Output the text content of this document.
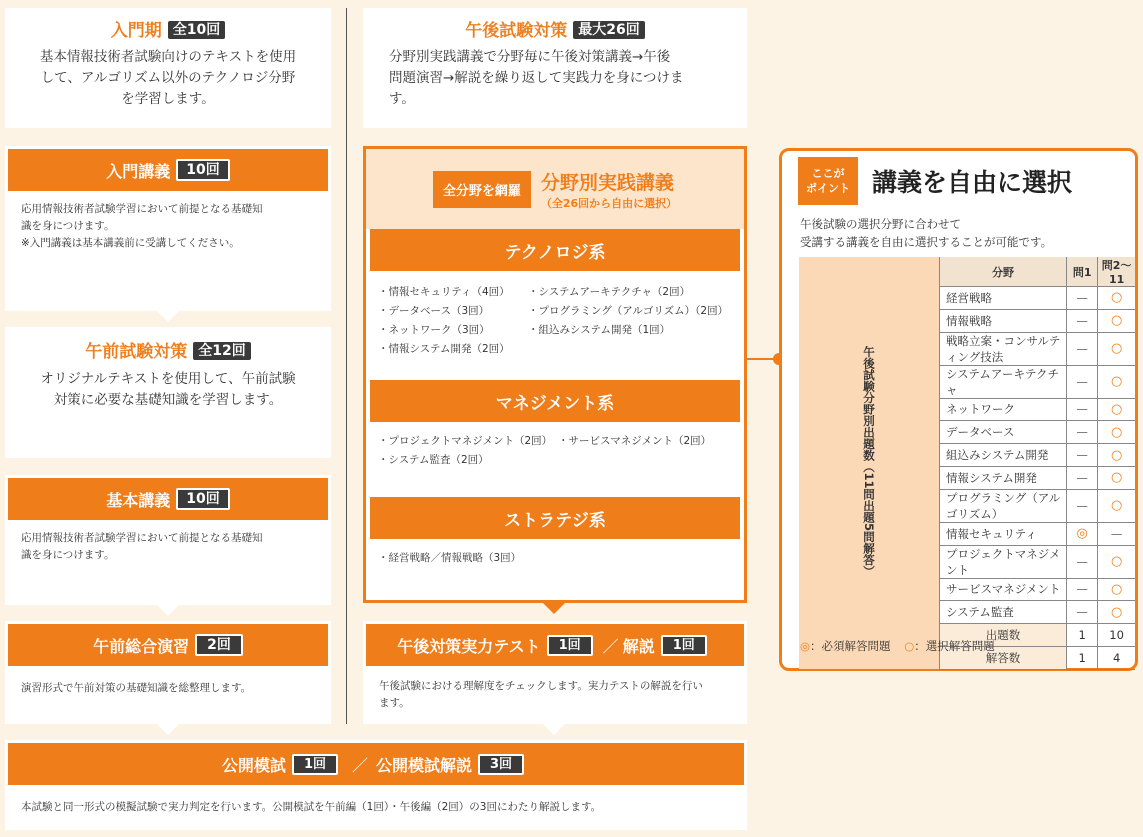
入門期 全10回
基本情報技術者試験向けのテキストを使用
して、アルゴリズム以外のテクノロジ分野
を学習します。
入門講義	10回
応用情報技術者試験学習において前提となる基礎知
識を身につけます。
※入門講義は基本講義前に受講してください。
午前試験対策 全12回
オリジナルテキストを使用して、午前試験
対策に必要な基礎知識を学習します。
基本講義	10回
応用情報技術者試験学習において前提となる基礎知
識を身につけます。
午前総合演習	2回
演習形式で午前対策の基礎知識を総整理します。
午後試験対策 最大26回
分野別実践講義で分野毎に午後対策講義→午後
問題演習→解説を繰り返して実践力を身につけま
す。
全分野を網羅	分野別実践講義
（全26回から自由に選択）
テクノロジ系
・情報セキュリティ（4回）
・データベース（3回）
・ネットワーク（3回）
・情報システム開発（2回）
・システムアーキテクチャ（2回）
・プログラミング（アルゴリズム）（2回）
・組込みシステム開発（1回）
マネジメント系
・プロジェクトマネジメント（2回）
・システム監査（2回）
・サービスマネジメント（2回）
ストラテジ系
・経営戦略／情報戦略（3回）
午後対策実力テスト	1回	／ 解説	1回
午後試験における理解度をチェックします。実力テストの解説を行い
ます。
公開模試	1回	／ 公開模試解説	3回
本試験と同一形式の模擬試験で実力判定を行います。公開模試を午前編（1回）・午後編（2回）の3回にわたり解説します。
ここが
ポイント 講義を自由に選択
午後試験の選択分野に合わせて
受講する講義を自由に選択することが可能です。
午後試験分野別出題数（11問出題5問解答）	分野	問1	問2～11
	経営戦略	—	○
	情報戦略	—	○
	戦略立案・コンサルティング技法	—	○
	システムアーキテクチャ	—	○
	ネットワーク	—	○
	データベース	—	○
	組込みシステム開発	—	○
	情報システム開発	—	○
	プログラミング（アルゴリズム）	—	○
	情報セキュリティ	◎	—
	プロジェクトマネジメント	—	○
	サービスマネジメント	—	○
	システム監査	—	○
	出題数	1	10
	解答数	1	4
◎：必須解答問題 ○：選択解答問題
